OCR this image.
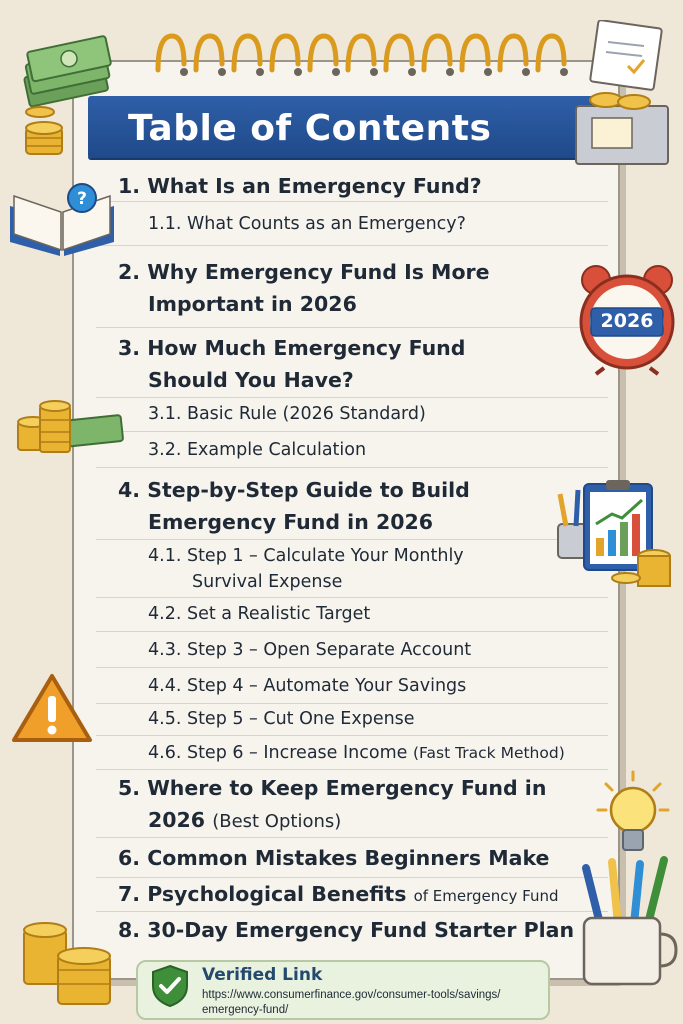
Table of Contents
1. What Is an Emergency Fund?
1.1. What Counts as an Emergency?
2. Why Emergency Fund Is More
Important in 2026
3. How Much Emergency Fund
Should You Have?
3.1. Basic Rule (2026 Standard)
3.2. Example Calculation
4. Step-by-Step Guide to Build
Emergency Fund in 2026
4.1. Step 1 – Calculate Your Monthly
Survival Expense
4.2. Set a Realistic Target
4.3. Step 3 – Open Separate Account
4.4. Step 4 – Automate Your Savings
4.5. Step 5 – Cut One Expense
4.6. Step 6 – Increase Income (Fast Track Method)
5. Where to Keep Emergency Fund in
2026 (Best Options)
6. Common Mistakes Beginners Make
7. Psychological Benefits of Emergency Fund
8. 30-Day Emergency Fund Starter Plan
?
2026
Verified Link
https://www.consumerfinance.gov/consumer-tools/savings/
emergency-fund/
